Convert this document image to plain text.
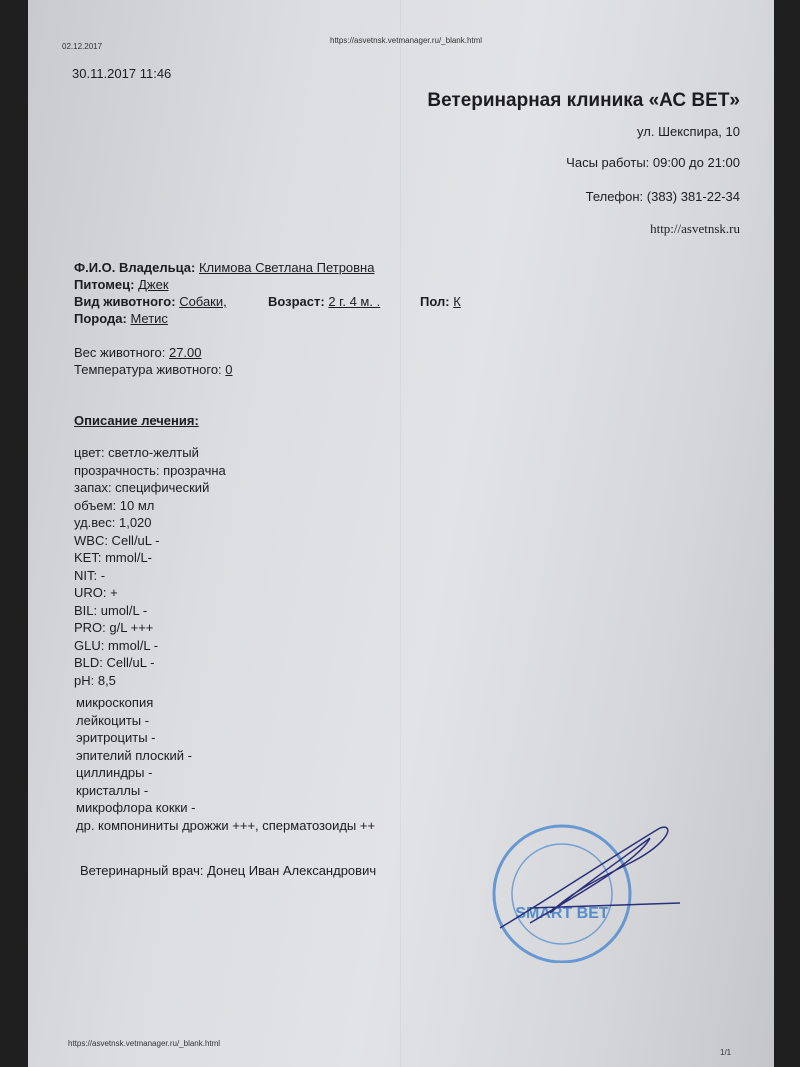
02.12.2017
https://asvetnsk.vetmanager.ru/_blank.html
30.11.2017 11:46
Ветеринарная клиника «АС ВЕТ»
ул. Шекспира, 10
Часы работы: 09:00 до 21:00
Телефон: (383) 381-22-34
http://asvetnsk.ru
Ф.И.О. Владельца: Климова Светлана Петровна
Питомец: Джек
Вид животного: Собаки,	Возраст: 2 г. 4 м. .	Пол: К
Порода: Метис
Вес животного: 27.00
Температура животного: 0
Описание лечения:
цвет: светло-желтый
прозрачность: прозрачна
запах: специфический
объем: 10 мл
уд.вес: 1,020
WBC: Cell/uL -
KET: mmol/L-
NIT: -
URO: +
BIL: umol/L -
PRO: g/L +++
GLU: mmol/L -
BLD: Cell/uL -
pH: 8,5
микроскопия
лейкоциты -
эритроциты -
эпителий плоский -
циллиндры -
кристаллы -
микрофлора кокки -
др. компониниты дрожжи +++, сперматозоиды ++
Ветеринарный врач: Донец Иван Александрович
SMART BET
https://asvetnsk.vetmanager.ru/_blank.html
1/1
